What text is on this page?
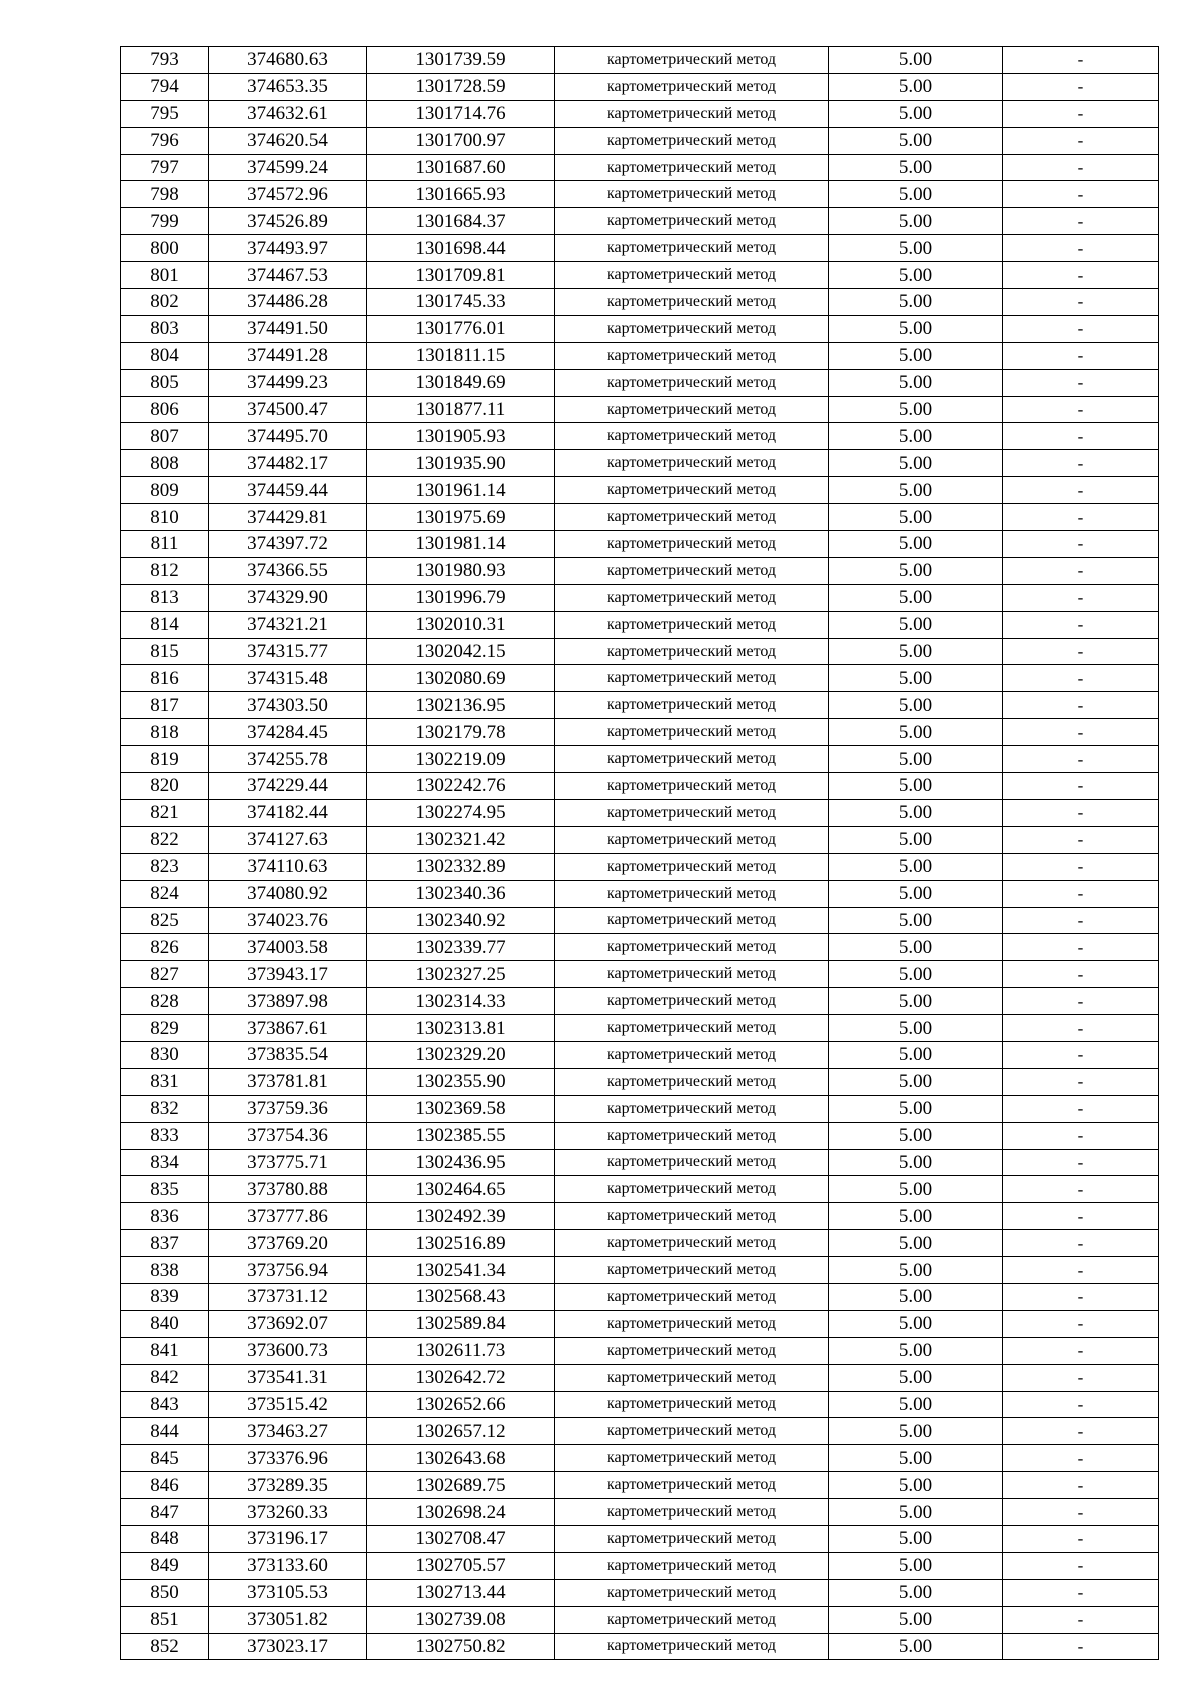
793	374680.63	1301739.59	картометрический метод	5.00	-
794	374653.35	1301728.59	картометрический метод	5.00	-
795	374632.61	1301714.76	картометрический метод	5.00	-
796	374620.54	1301700.97	картометрический метод	5.00	-
797	374599.24	1301687.60	картометрический метод	5.00	-
798	374572.96	1301665.93	картометрический метод	5.00	-
799	374526.89	1301684.37	картометрический метод	5.00	-
800	374493.97	1301698.44	картометрический метод	5.00	-
801	374467.53	1301709.81	картометрический метод	5.00	-
802	374486.28	1301745.33	картометрический метод	5.00	-
803	374491.50	1301776.01	картометрический метод	5.00	-
804	374491.28	1301811.15	картометрический метод	5.00	-
805	374499.23	1301849.69	картометрический метод	5.00	-
806	374500.47	1301877.11	картометрический метод	5.00	-
807	374495.70	1301905.93	картометрический метод	5.00	-
808	374482.17	1301935.90	картометрический метод	5.00	-
809	374459.44	1301961.14	картометрический метод	5.00	-
810	374429.81	1301975.69	картометрический метод	5.00	-
811	374397.72	1301981.14	картометрический метод	5.00	-
812	374366.55	1301980.93	картометрический метод	5.00	-
813	374329.90	1301996.79	картометрический метод	5.00	-
814	374321.21	1302010.31	картометрический метод	5.00	-
815	374315.77	1302042.15	картометрический метод	5.00	-
816	374315.48	1302080.69	картометрический метод	5.00	-
817	374303.50	1302136.95	картометрический метод	5.00	-
818	374284.45	1302179.78	картометрический метод	5.00	-
819	374255.78	1302219.09	картометрический метод	5.00	-
820	374229.44	1302242.76	картометрический метод	5.00	-
821	374182.44	1302274.95	картометрический метод	5.00	-
822	374127.63	1302321.42	картометрический метод	5.00	-
823	374110.63	1302332.89	картометрический метод	5.00	-
824	374080.92	1302340.36	картометрический метод	5.00	-
825	374023.76	1302340.92	картометрический метод	5.00	-
826	374003.58	1302339.77	картометрический метод	5.00	-
827	373943.17	1302327.25	картометрический метод	5.00	-
828	373897.98	1302314.33	картометрический метод	5.00	-
829	373867.61	1302313.81	картометрический метод	5.00	-
830	373835.54	1302329.20	картометрический метод	5.00	-
831	373781.81	1302355.90	картометрический метод	5.00	-
832	373759.36	1302369.58	картометрический метод	5.00	-
833	373754.36	1302385.55	картометрический метод	5.00	-
834	373775.71	1302436.95	картометрический метод	5.00	-
835	373780.88	1302464.65	картометрический метод	5.00	-
836	373777.86	1302492.39	картометрический метод	5.00	-
837	373769.20	1302516.89	картометрический метод	5.00	-
838	373756.94	1302541.34	картометрический метод	5.00	-
839	373731.12	1302568.43	картометрический метод	5.00	-
840	373692.07	1302589.84	картометрический метод	5.00	-
841	373600.73	1302611.73	картометрический метод	5.00	-
842	373541.31	1302642.72	картометрический метод	5.00	-
843	373515.42	1302652.66	картометрический метод	5.00	-
844	373463.27	1302657.12	картометрический метод	5.00	-
845	373376.96	1302643.68	картометрический метод	5.00	-
846	373289.35	1302689.75	картометрический метод	5.00	-
847	373260.33	1302698.24	картометрический метод	5.00	-
848	373196.17	1302708.47	картометрический метод	5.00	-
849	373133.60	1302705.57	картометрический метод	5.00	-
850	373105.53	1302713.44	картометрический метод	5.00	-
851	373051.82	1302739.08	картометрический метод	5.00	-
852	373023.17	1302750.82	картометрический метод	5.00	-
